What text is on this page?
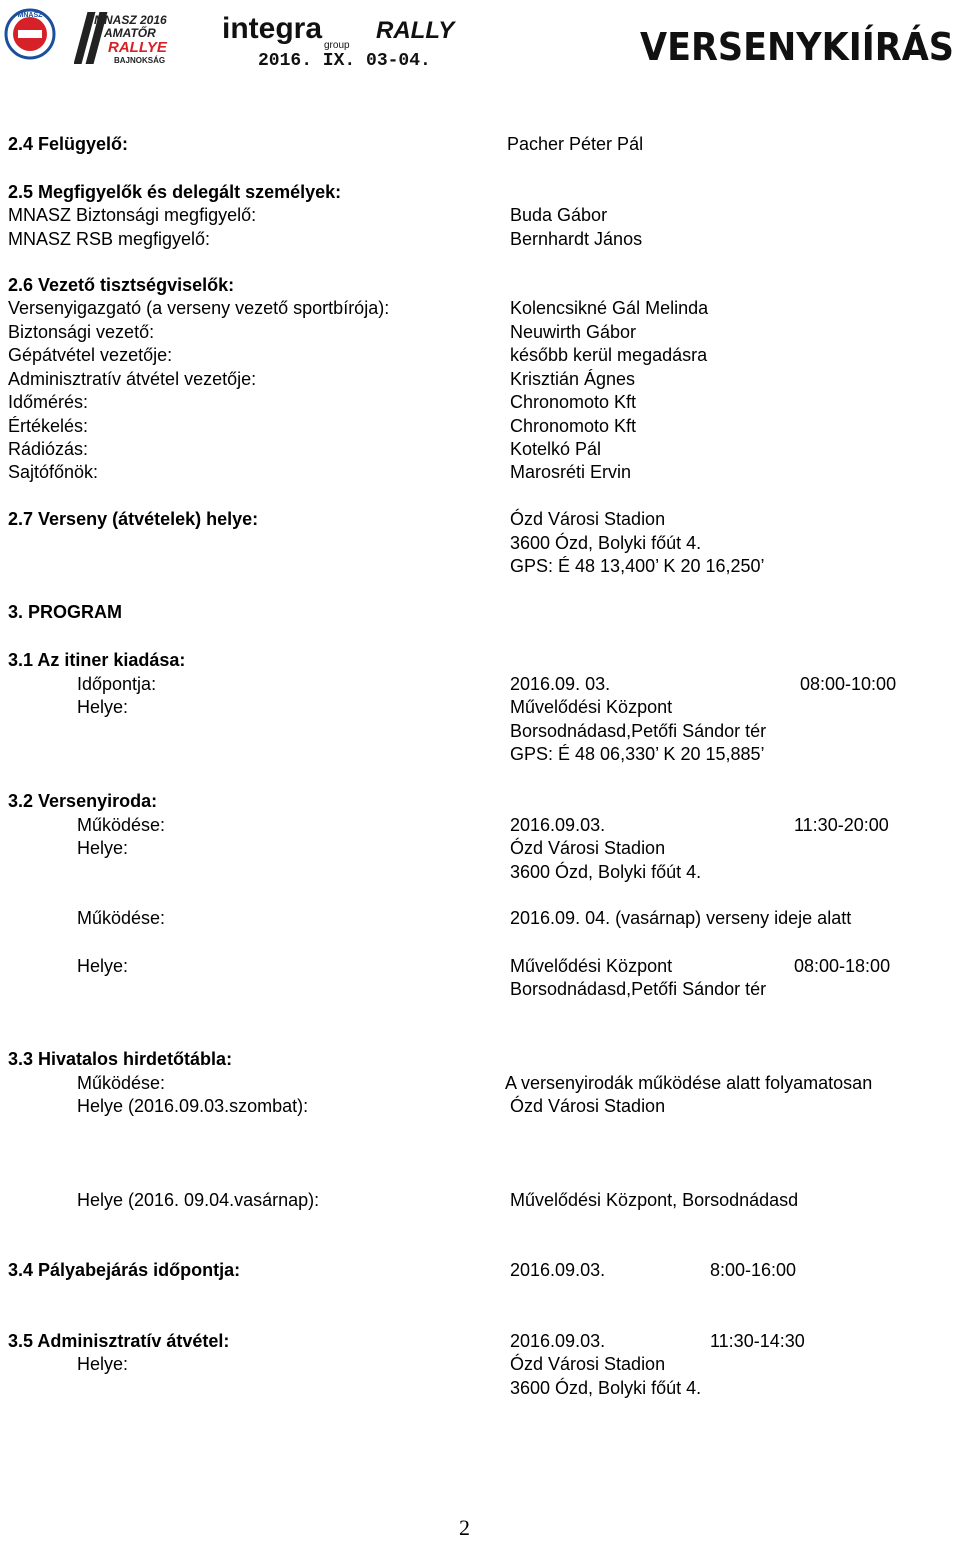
MNASZ	MNASZ 2016
AMATŐR
RALLYE
BAJNOKSÁG
integra
group
RALLY
2016. IX. 03-04.	VERSENYKIÍRÁS
2.4 Felügyelő:	Pacher Péter Pál
2.5 Megfigyelők és delegált személyek:
MNASZ Biztonsági megfigyelő:	Buda Gábor
MNASZ RSB megfigyelő:	Bernhardt János
2.6 Vezető tisztségviselők:
Versenyigazgató (a verseny vezető sportbírója):	Kolencsikné Gál Melinda
Biztonsági vezető:	Neuwirth Gábor
Gépátvétel vezetője:	később kerül megadásra
Adminisztratív átvétel vezetője:	Krisztián Ágnes
Időmérés:	Chronomoto Kft
Értékelés:	Chronomoto Kft
Rádiózás:	Kotelkó Pál
Sajtófőnök:	Marosréti Ervin
2.7 Verseny (átvételek) helye:	Ózd Városi Stadion
3600 Ózd, Bolyki főút 4.
GPS: É 48 13,400’ K 20 16,250’
3. PROGRAM
3.1 Az itiner kiadása:
Időpontja:	2016.09. 03.	08:00-10:00
Helye:	Művelődési Központ
Borsodnádasd,Petőfi Sándor tér
GPS: É 48 06,330’ K 20 15,885’
3.2 Versenyiroda:
Működése:	2016.09.03.	11:30-20:00
Helye:	Ózd Városi Stadion
3600 Ózd, Bolyki főút 4.
Működése:	2016.09. 04. (vasárnap) verseny ideje alatt
Helye:	Művelődési Központ	08:00-18:00
Borsodnádasd,Petőfi Sándor tér
3.3 Hivatalos hirdetőtábla:
Működése:	A versenyirodák működése alatt folyamatosan
Helye (2016.09.03.szombat):	Ózd Városi Stadion
Helye (2016. 09.04.vasárnap):	Művelődési Központ, Borsodnádasd
3.4 Pályabejárás időpontja:	2016.09.03.	8:00-16:00
3.5 Adminisztratív átvétel:	2016.09.03.	11:30-14:30
Helye:	Ózd Városi Stadion
3600 Ózd, Bolyki főút 4.
2
